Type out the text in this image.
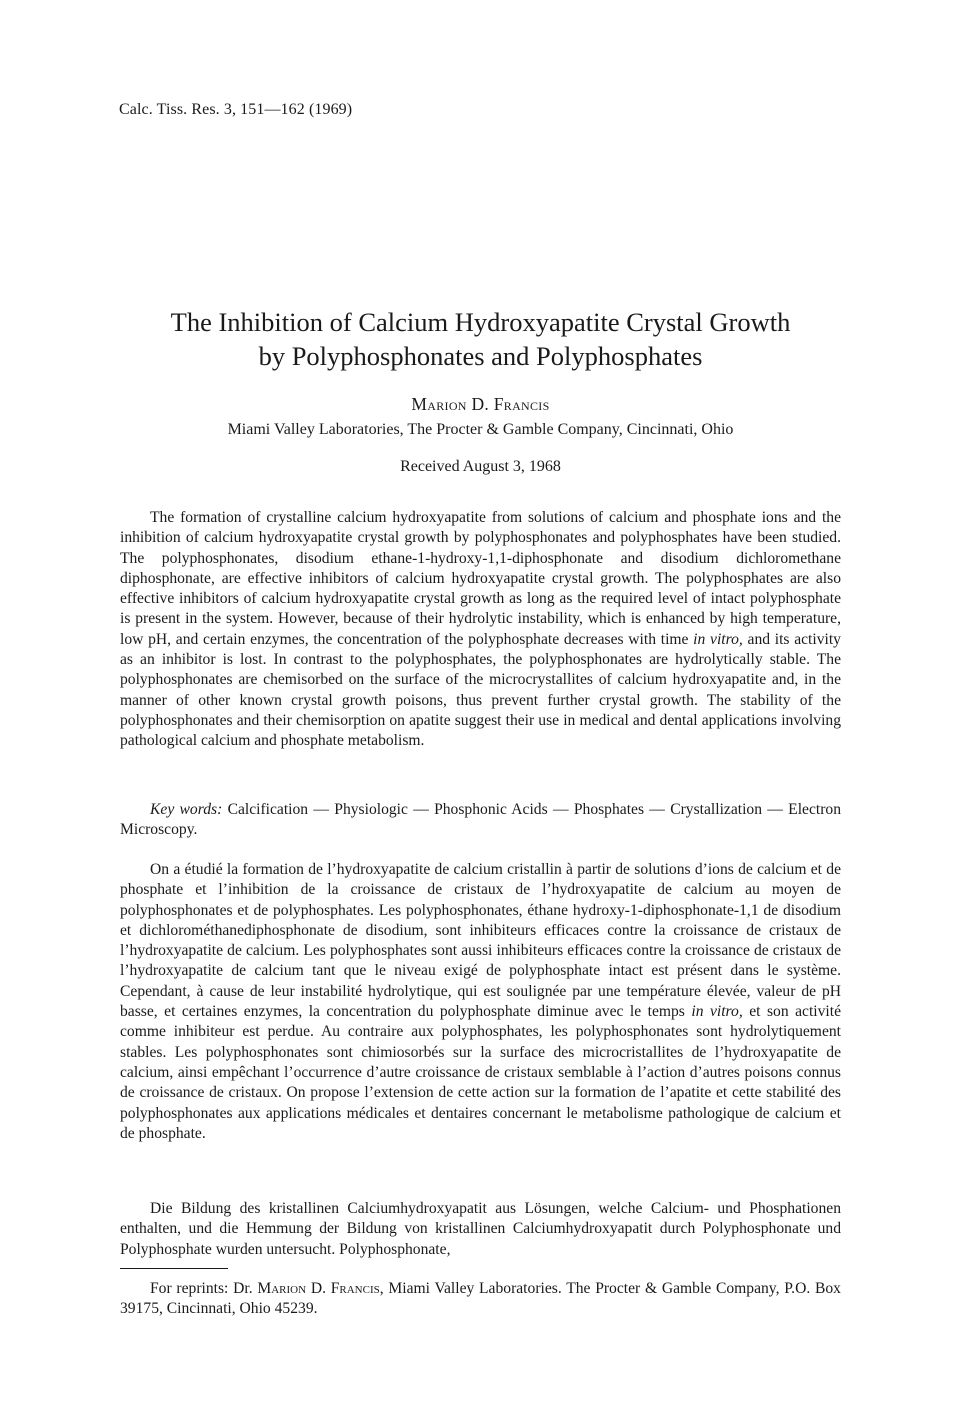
Calc. Tiss. Res. 3, 151—162 (1969)
The Inhibition of Calcium Hydroxyapatite Crystal Growth
by Polyphosphonates and Polyphosphates
Marion D. Francis
Miami Valley Laboratories, The Procter & Gamble Company, Cincinnati, Ohio
Received August 3, 1968

The formation of crystalline calcium hydroxyapatite from solutions of calcium and phosphate ions and the inhibition of calcium hydroxyapatite crystal growth by polyphosphonates and polyphosphates have been studied. The polyphosphonates, disodium ethane-1-hydroxy-1,1-diphosphonate and disodium dichloromethane diphosphonate, are effective inhibitors of calcium hydroxyapatite crystal growth. The polyphosphates are also effective inhibitors of calcium hydroxyapatite crystal growth as long as the required level of intact polyphosphate is present in the system. However, because of their hydrolytic instability, which is enhanced by high temperature, low pH, and certain enzymes, the concentration of the polyphosphate decreases with time in vitro, and its activity as an inhibitor is lost. In contrast to the polyphosphates, the polyphosphonates are hydrolytically stable. The polyphosphonates are chemisorbed on the surface of the microcrystallites of calcium hydroxyapatite and, in the manner of other known crystal growth poisons, thus prevent further crystal growth. The stability of the polyphosphonates and their chemisorption on apatite suggest their use in medical and dental applications involving pathological calcium and phosphate metabolism.

Key words: Calcification — Physiologic — Phosphonic Acids — Phosphates — Crystallization — Electron Microscopy.

On a étudié la formation de l’hydroxyapatite de calcium cristallin à partir de solutions d’ions de calcium et de phosphate et l’inhibition de la croissance de cristaux de l’hydroxyapatite de calcium au moyen de polyphosphonates et de polyphosphates. Les polyphosphonates, éthane hydroxy-1-diphosphonate-1,1 de disodium et dichlorométhanediphosphonate de disodium, sont inhibiteurs efficaces contre la croissance de cristaux de l’hydroxyapatite de calcium. Les polyphosphates sont aussi inhibiteurs efficaces contre la croissance de cristaux de l’hydroxyapatite de calcium tant que le niveau exigé de polyphosphate intact est présent dans le système. Cependant, à cause de leur instabilité hydrolytique, qui est soulignée par une température élevée, valeur de pH basse, et certaines enzymes, la concentration du polyphosphate diminue avec le temps in vitro, et son activité comme inhibiteur est perdue. Au contraire aux polyphosphates, les polyphosphonates sont hydrolytiquement stables. Les polyphosphonates sont chimiosorbés sur la surface des microcristallites de l’hydroxyapatite de calcium, ainsi empêchant l’occurrence d’autre croissance de cristaux semblable à l’action d’autres poisons connus de croissance de cristaux. On propose l’extension de cette action sur la formation de l’apatite et cette stabilité des polyphosphonates aux applications médicales et dentaires concernant le metabolisme pathologique de calcium et de phosphate.

Die Bildung des kristallinen Calciumhydroxyapatit aus Lösungen, welche Calcium- und Phosphationen enthalten, und die Hemmung der Bildung von kristallinen Calciumhydroxyapatit durch Polyphosphonate und Polyphosphate wurden untersucht. Polyphosphonate,

For reprints: Dr. Marion D. Francis, Miami Valley Laboratories. The Procter & Gamble Company, P.O. Box 39175, Cincinnati, Ohio 45239.
